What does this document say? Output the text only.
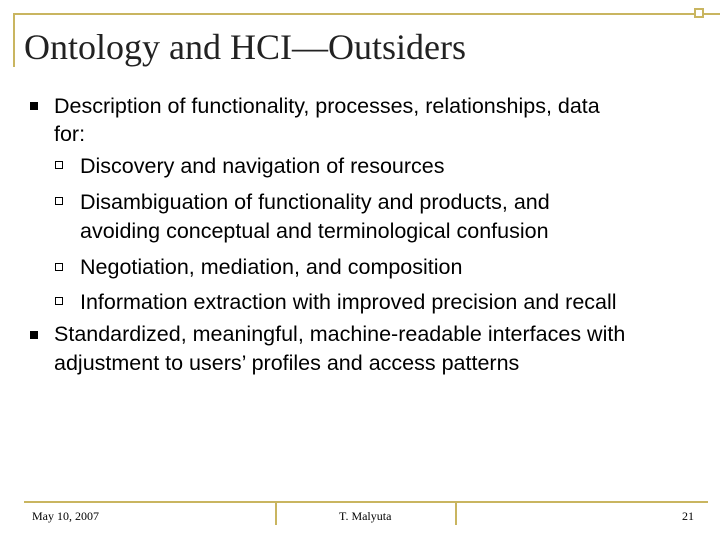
Ontology and HCI—Outsiders
Description of functionality, processes, relationships, data
for:
Discovery and navigation of resources
Disambiguation of functionality and products, and
avoiding conceptual and terminological confusion
Negotiation, mediation, and composition
Information extraction with improved precision and recall
Standardized, meaningful, machine-readable interfaces with
adjustment to users’ profiles and access patterns
May 10, 2007	T. Malyuta	21
